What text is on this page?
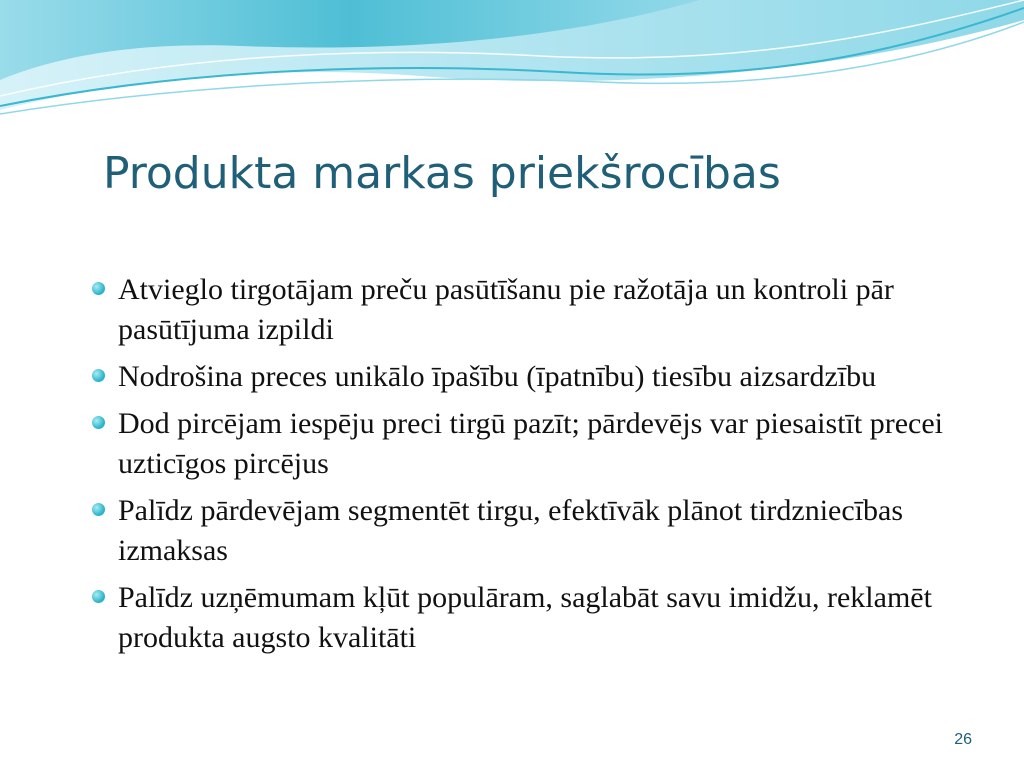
Produkta markas priekšrocības
Atvieglo tirgotājam preču pasūtīšanu pie ražotāja un kontroli pār pasūtījuma izpildi
Nodrošina preces unikālo īpašību (īpatnību) tiesību aizsardzību
Dod pircējam iespēju preci tirgū pazīt; pārdevējs var piesaistīt precei uzticīgos pircējus
Palīdz pārdevējam segmentēt tirgu, efektīvāk plānot tirdzniecības izmaksas
Palīdz uzņēmumam kļūt populāram, saglabāt savu imidžu, reklamēt produkta augsto kvalitāti
26
